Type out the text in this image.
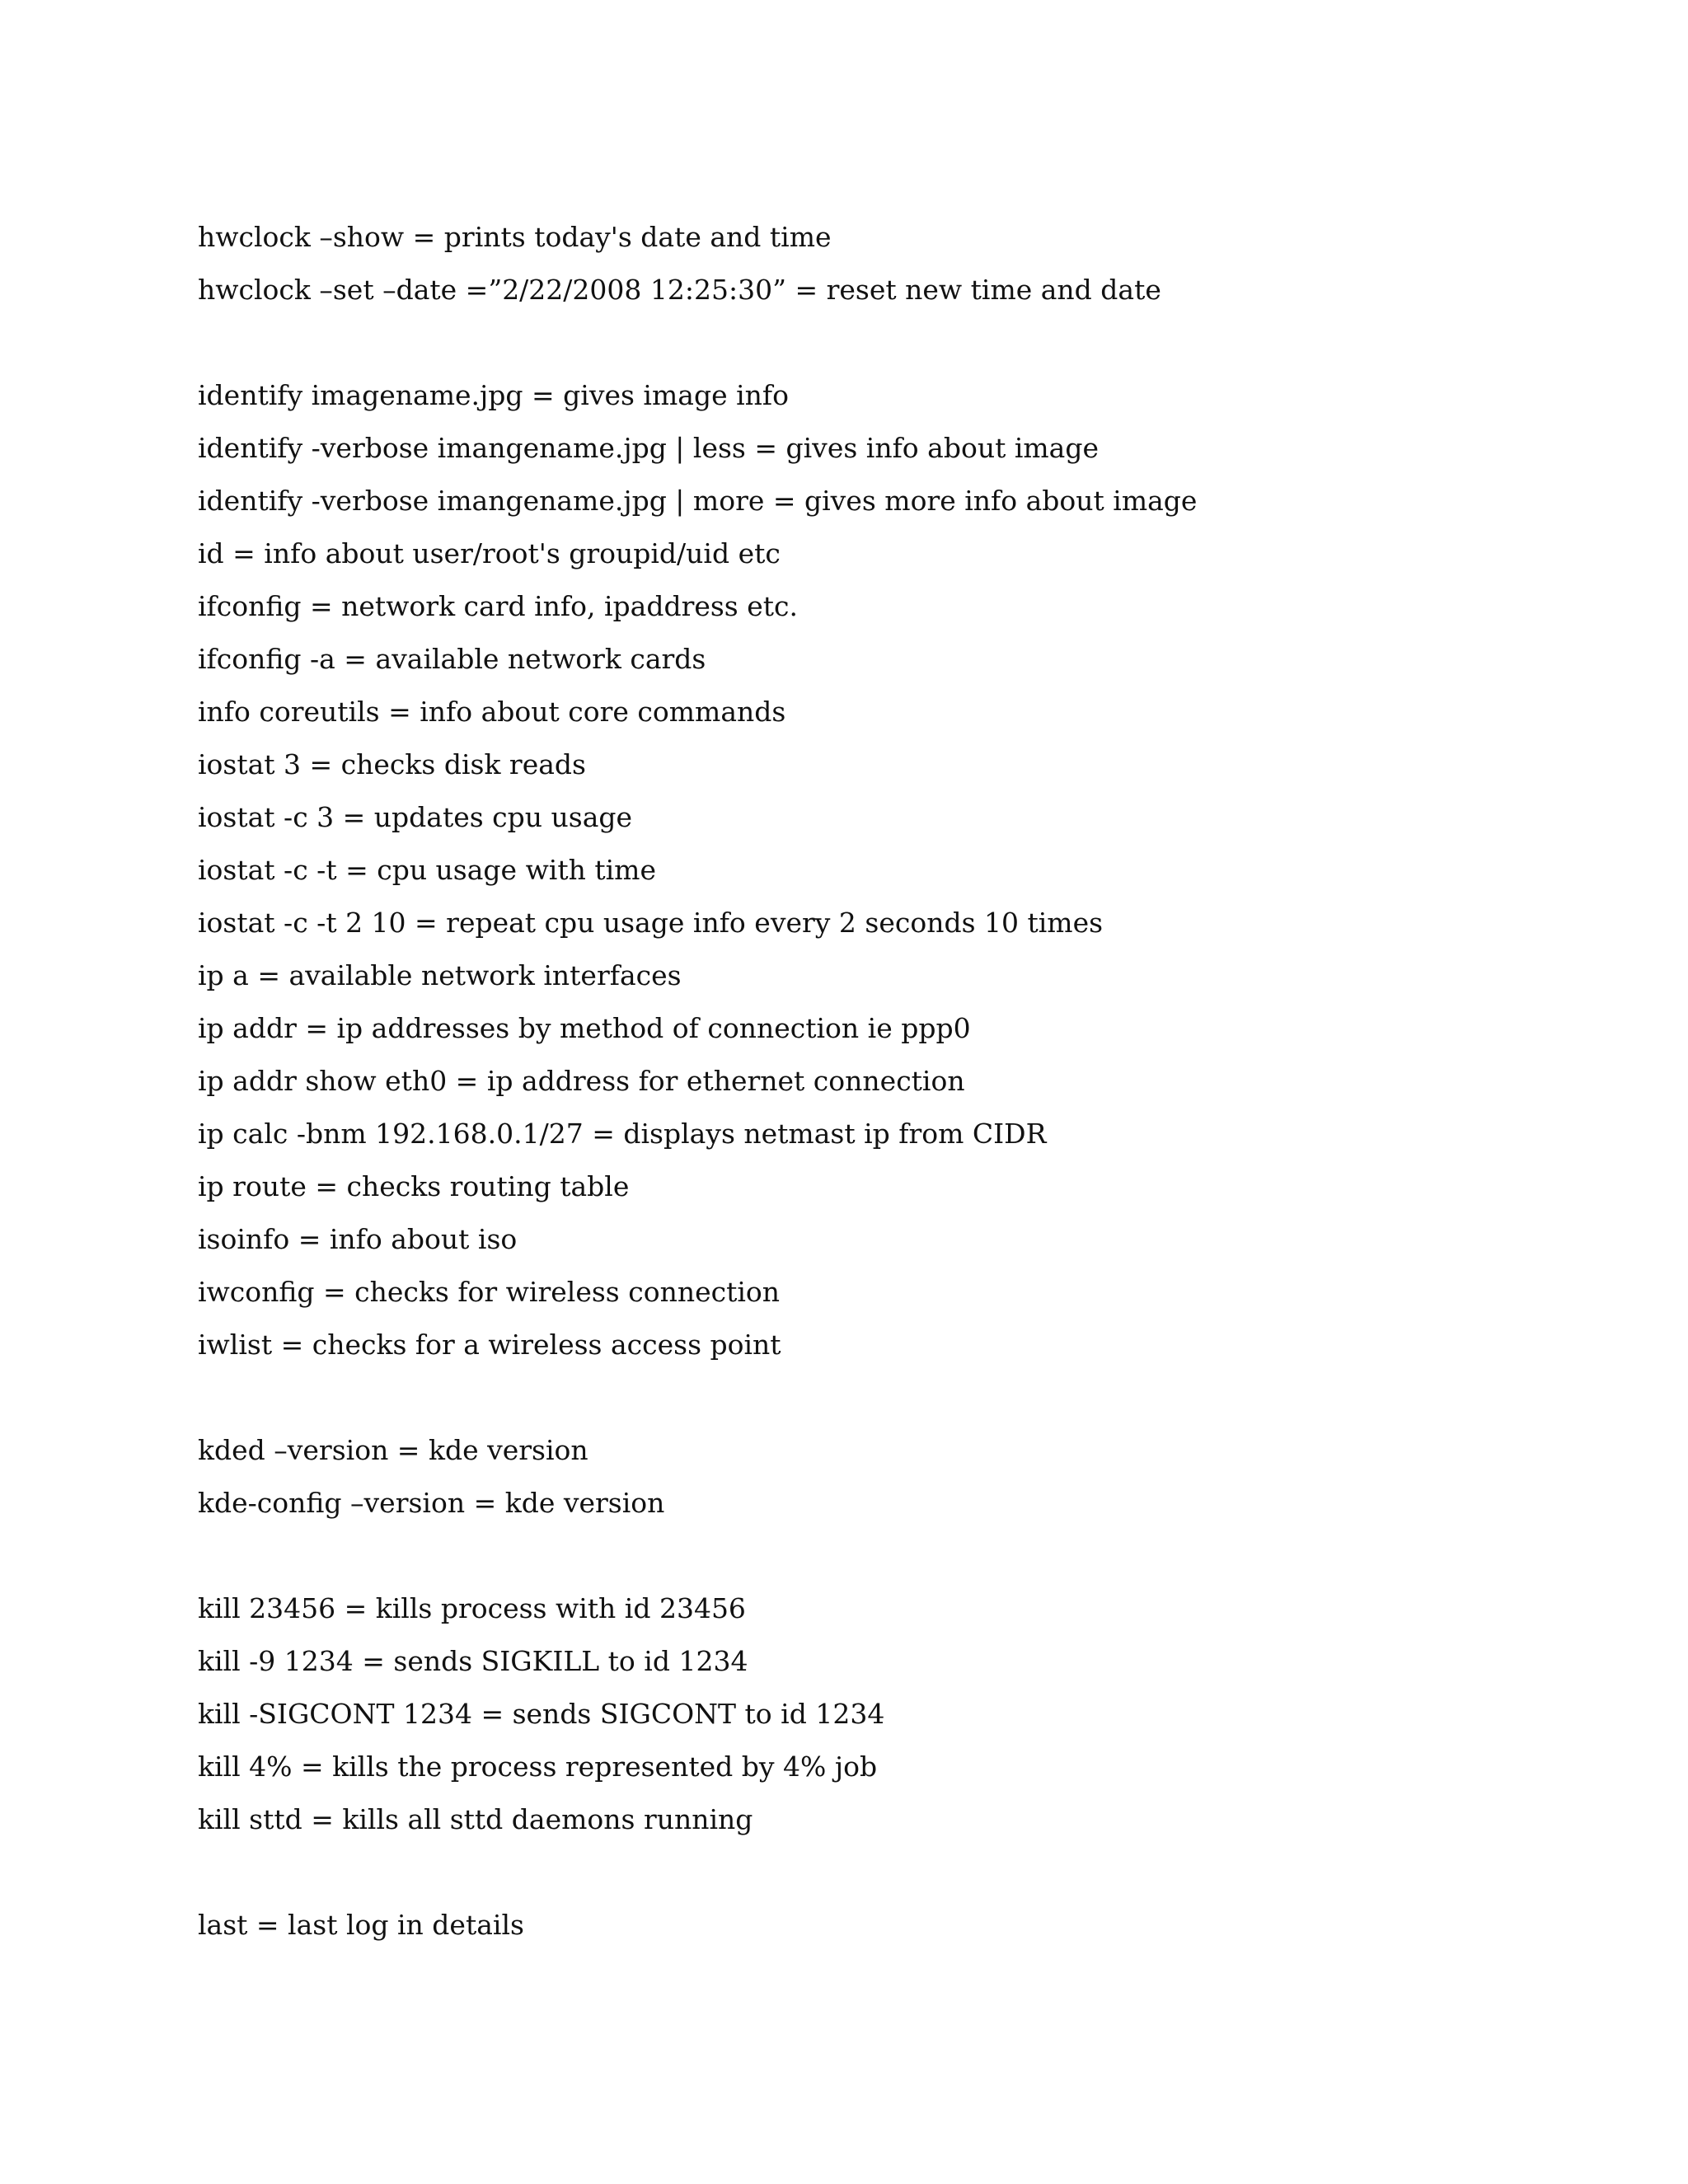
hwclock –show = prints today's date and time
hwclock –set –date =”2/22/2008 12:25:30” = reset new time and date
identify imagename.jpg = gives image info
identify -verbose imangename.jpg | less = gives info about image
identify -verbose imangename.jpg | more = gives more info about image
id = info about user/root's groupid/uid etc
ifconfig = network card info, ipaddress etc.
ifconfig -a = available network cards
info coreutils = info about core commands
iostat 3 = checks disk reads
iostat -c 3 = updates cpu usage
iostat -c -t = cpu usage with time
iostat -c -t 2 10 = repeat cpu usage info every 2 seconds 10 times
ip a = available network interfaces
ip addr = ip addresses by method of connection ie ppp0
ip addr show eth0 = ip address for ethernet connection
ip calc -bnm 192.168.0.1/27 = displays netmast ip from CIDR
ip route = checks routing table
isoinfo = info about iso
iwconfig = checks for wireless connection
iwlist = checks for a wireless access point
kded –version = kde version
kde-config –version = kde version
kill 23456 = kills process with id 23456
kill -9 1234 = sends SIGKILL to id 1234
kill -SIGCONT 1234 = sends SIGCONT to id 1234
kill 4% = kills the process represented by 4% job
kill sttd = kills all sttd daemons running
last = last log in details
